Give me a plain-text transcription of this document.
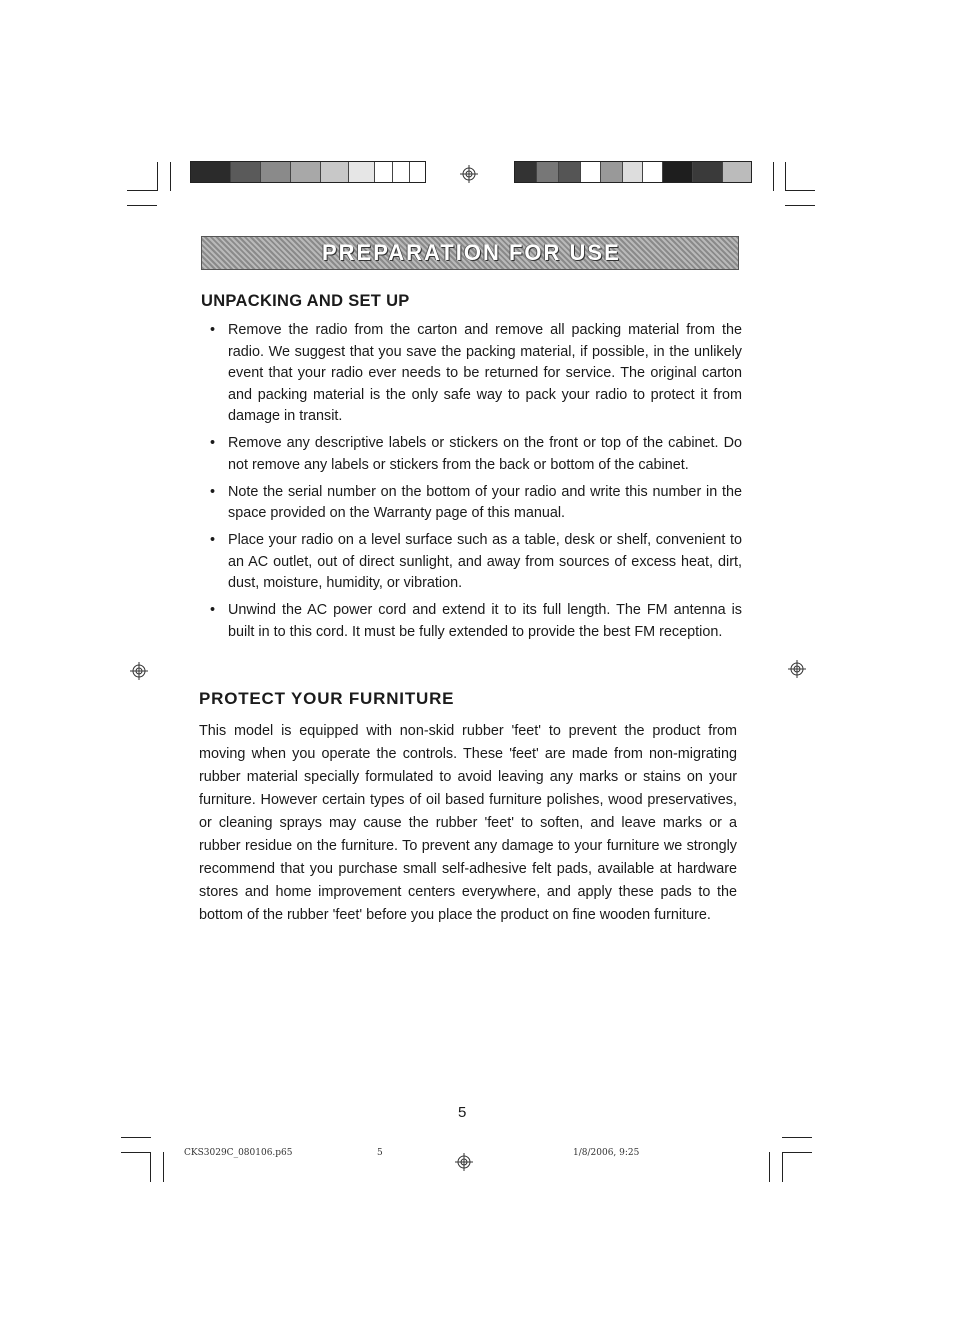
PREPARATION FOR USE
UNPACKING AND SET UP
• Remove the radio from the carton and remove all packing material from the radio. We suggest that you save the packing material, if possible, in the unlikely event that your radio ever needs to be returned for service. The original carton and packing material is the only safe way to pack your radio to protect it from damage in transit.
• Remove any descriptive labels or stickers on the front or top of the cabinet. Do not remove any labels or stickers from the back or bottom of the cabinet.
• Note the serial number on the bottom of your radio and write this number in the space provided on the Warranty page of this manual.
• Place your radio on a level surface such as a table, desk or shelf, convenient to an AC outlet, out of direct sunlight, and away from sources of excess heat, dirt, dust, moisture, humidity, or vibration.
• Unwind the AC power cord and extend it to its full length. The FM antenna is built in to this cord. It must be fully extended to provide the best FM reception.
PROTECT YOUR FURNITURE

This model is equipped with non-skid rubber 'feet' to prevent the product from moving when you operate the controls. These 'feet' are made from non-migrating rubber material specially formulated to avoid leaving any marks or stains on your furniture. However certain types of oil based furniture polishes, wood preservatives, or cleaning sprays may cause the rubber 'feet' to soften, and leave marks or a rubber residue on the furniture. To prevent any damage to your furniture we strongly recommend that you purchase small self-adhesive felt pads, available at hardware stores and home improvement centers everywhere, and apply these pads to the bottom of the rubber 'feet' before you place the product on fine wooden furniture.

5
CKS3029C_080106.p65	5	1/8/2006, 9:25
